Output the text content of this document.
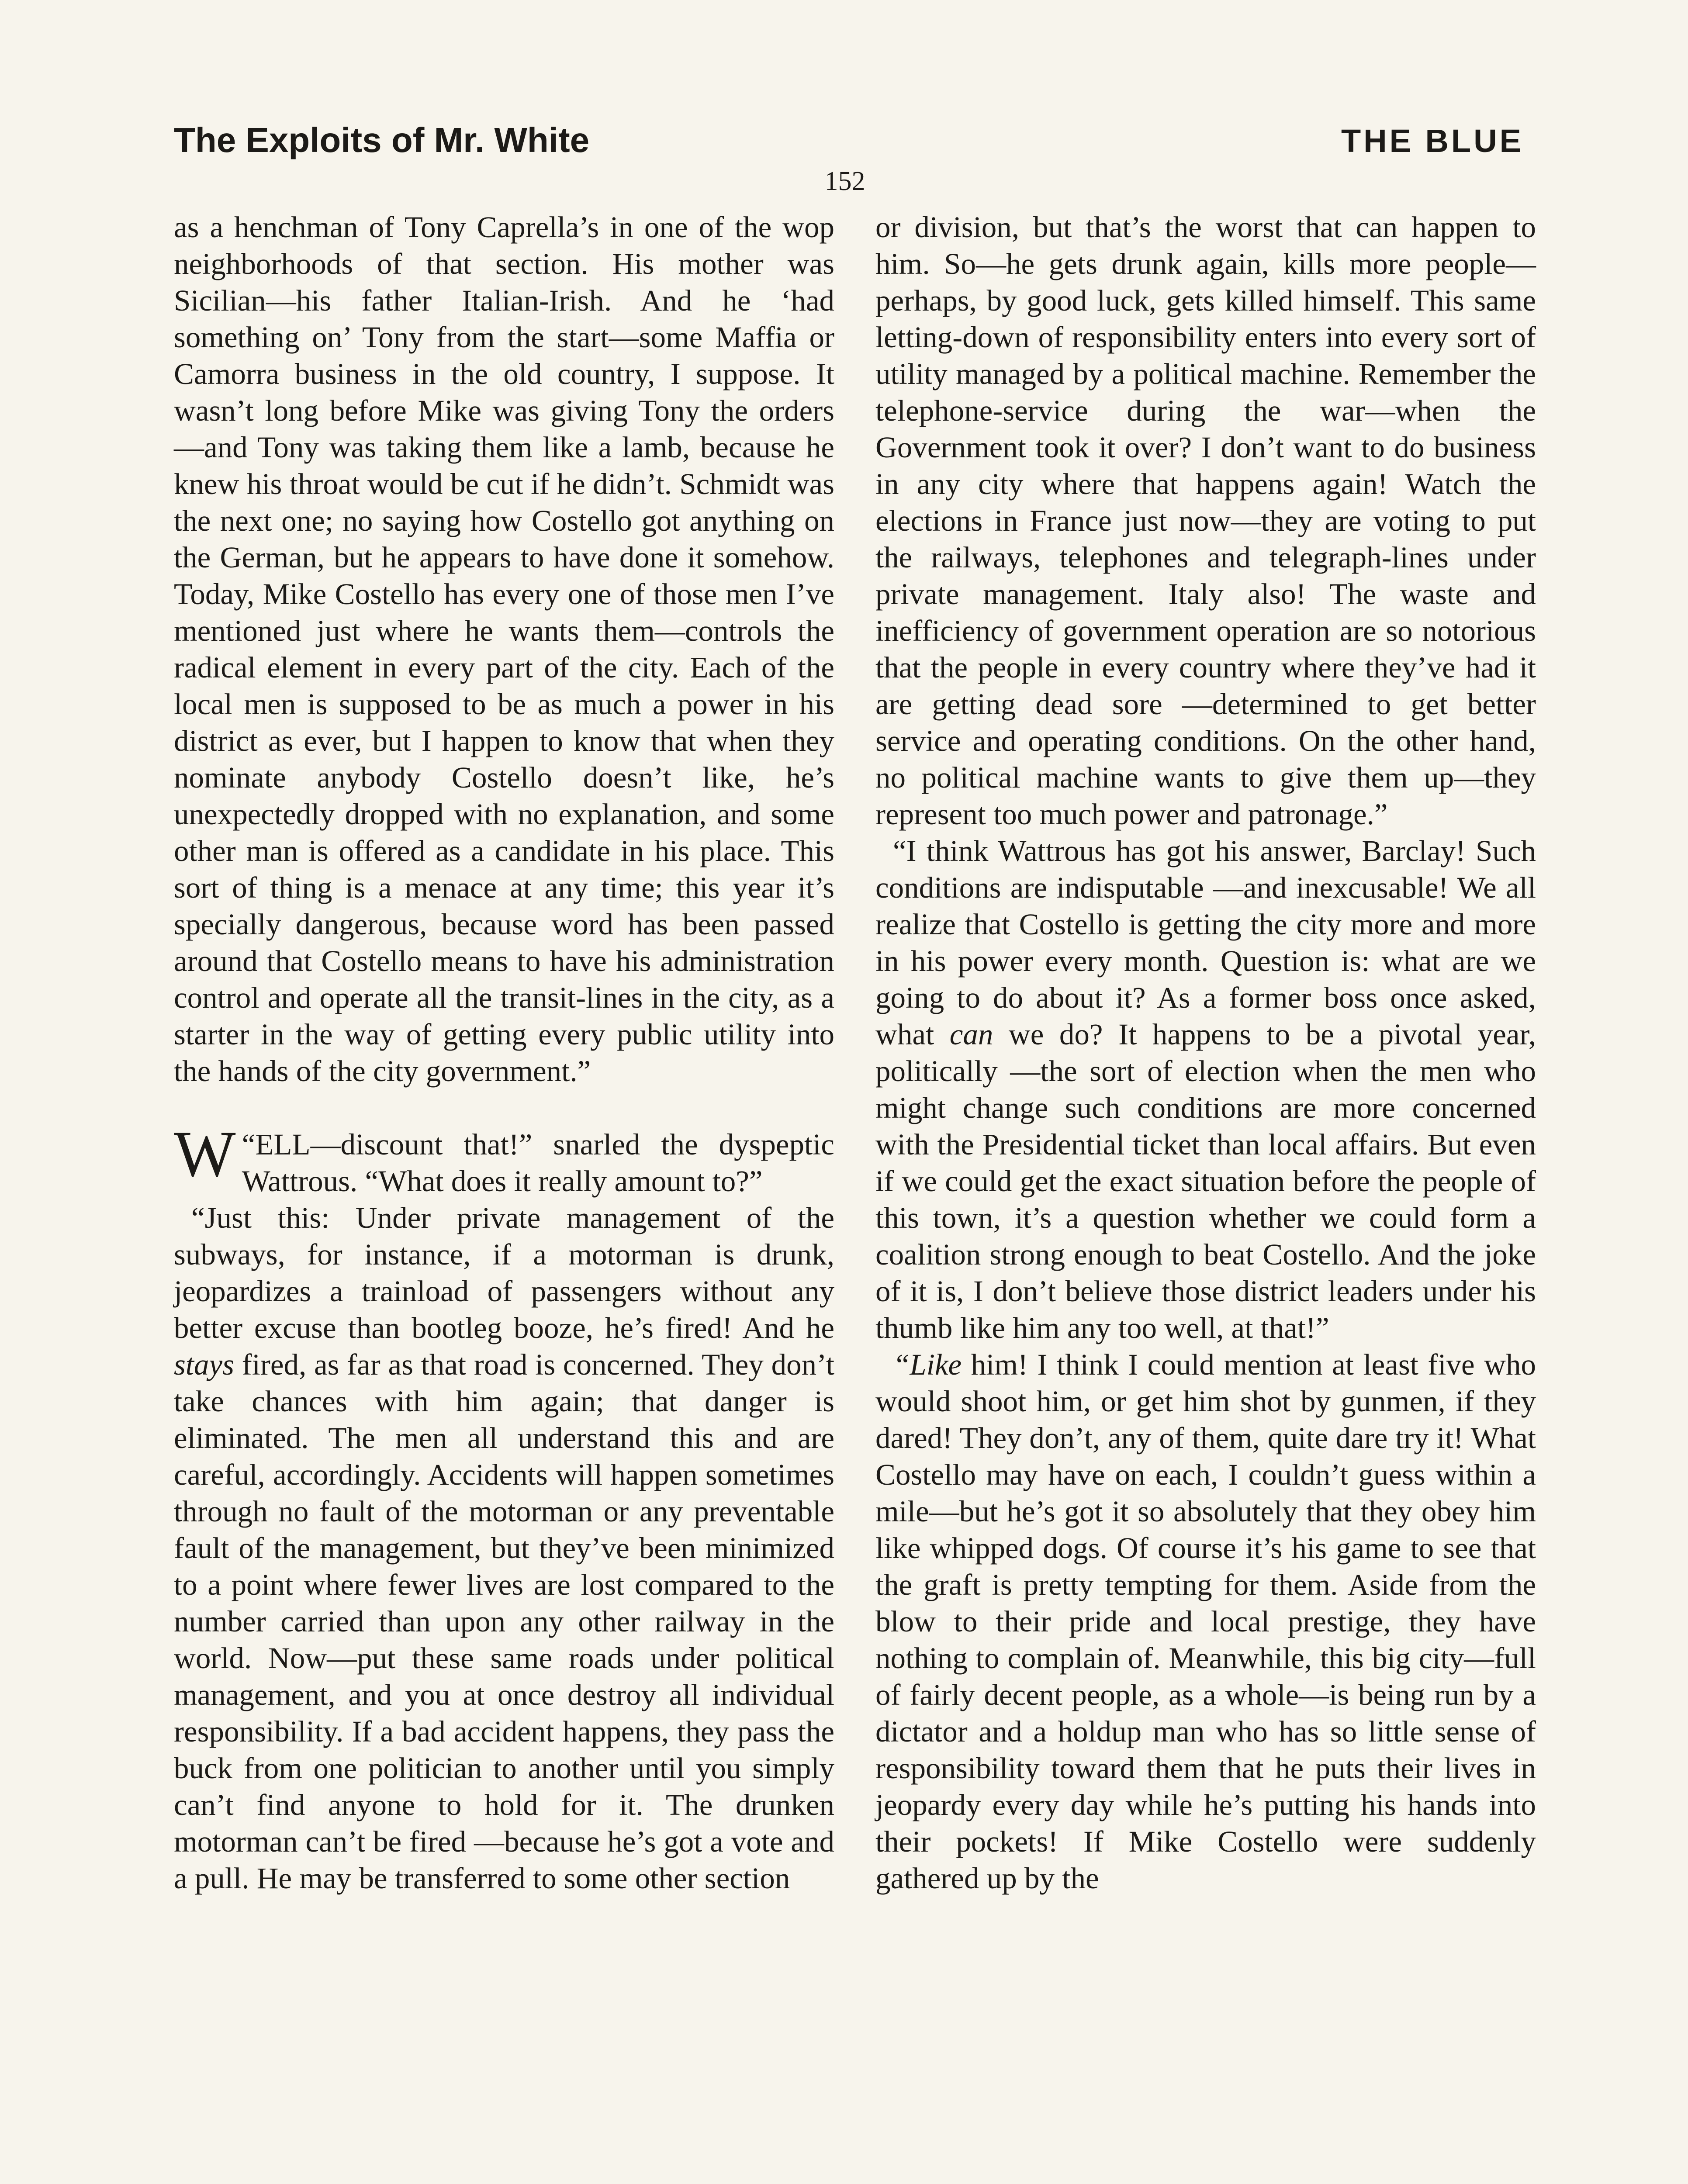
The Exploits of Mr. White	THE BLUE
152

as a henchman of Tony Caprella’s in one of the wop neighborhoods of that section. His mother was Sicilian—his father Italian-Irish. And he ‘had something on’ Tony from the start—some Maffia or Camorra business in the old country, I suppose. It wasn’t long before Mike was giving Tony the orders—and Tony was taking them like a lamb, because he knew his throat would be cut if he didn’t. Schmidt was the next one; no saying how Costello got anything on the German, but he appears to have done it somehow. Today, Mike Costello has every one of those men I’ve mentioned just where he wants them—controls the radical element in every part of the city. Each of the local men is supposed to be as much a power in his district as ever, but I happen to know that when they nominate anybody Costello doesn’t like, he’s unexpectedly dropped with no explanation, and some other man is offered as a candidate in his place. This sort of thing is a menace at any time; this year it’s specially dangerous, because word has been passed around that Costello means to have his administration control and operate all the transit-lines in the city, as a starter in the way of getting every public utility into the hands of the city government.”

“
W ELL—discount that!” snarled the dyspeptic Wattrous. “What does it really amount to?”

“Just this: Under private management of the subways, for instance, if a motorman is drunk, jeopardizes a trainload of passengers without any better excuse than bootleg booze, he’s fired! And he stays fired, as far as that road is concerned. They don’t take chances with him again; that danger is eliminated. The men all understand this and are careful, accordingly. Accidents will happen sometimes through no fault of the motorman or any preventable fault of the management, but they’ve been minimized to a point where fewer lives are lost compared to the number carried than upon any other railway in the world. Now—put these same roads under political management, and you at once destroy all individual responsibility. If a bad accident happens, they pass the buck from one politician to another until you simply can’t find anyone to hold for it. The drunken motorman can’t be fired —because he’s got a vote and a pull. He may be transferred to some other section

or division, but that’s the worst that can happen to him. So—he gets drunk again, kills more people—perhaps, by good luck, gets killed himself. This same letting-down of responsibility enters into every sort of utility managed by a political machine. Remember the telephone-service during the war—when the Government took it over? I don’t want to do business in any city where that happens again! Watch the elections in France just now—they are voting to put the railways, telephones and telegraph-lines under private management. Italy also! The waste and inefficiency of government operation are so notorious that the people in every country where they’ve had it are getting dead sore —determined to get better service and operating conditions. On the other hand, no political machine wants to give them up—they represent too much power and patronage.”

“I think Wattrous has got his answer, Barclay! Such conditions are indisputable —and inexcusable! We all realize that Costello is getting the city more and more in his power every month. Question is: what are we going to do about it? As a former boss once asked, what can we do? It happens to be a pivotal year, politically —the sort of election when the men who might change such conditions are more concerned with the Presidential ticket than local affairs. But even if we could get the exact situation before the people of this town, it’s a question whether we could form a coalition strong enough to beat Costello. And the joke of it is, I don’t believe those district leaders under his thumb like him any too well, at that!”

“Like him! I think I could mention at least five who would shoot him, or get him shot by gunmen, if they dared! They don’t, any of them, quite dare try it! What Costello may have on each, I couldn’t guess within a mile—but he’s got it so absolutely that they obey him like whipped dogs. Of course it’s his game to see that the graft is pretty tempting for them. Aside from the blow to their pride and local prestige, they have nothing to complain of. Meanwhile, this big city—full of fairly decent people, as a whole—is being run by a dictator and a holdup man who has so little sense of responsibility toward them that he puts their lives in jeopardy every day while he’s putting his hands into their pockets! If Mike Costello were suddenly gathered up by the
